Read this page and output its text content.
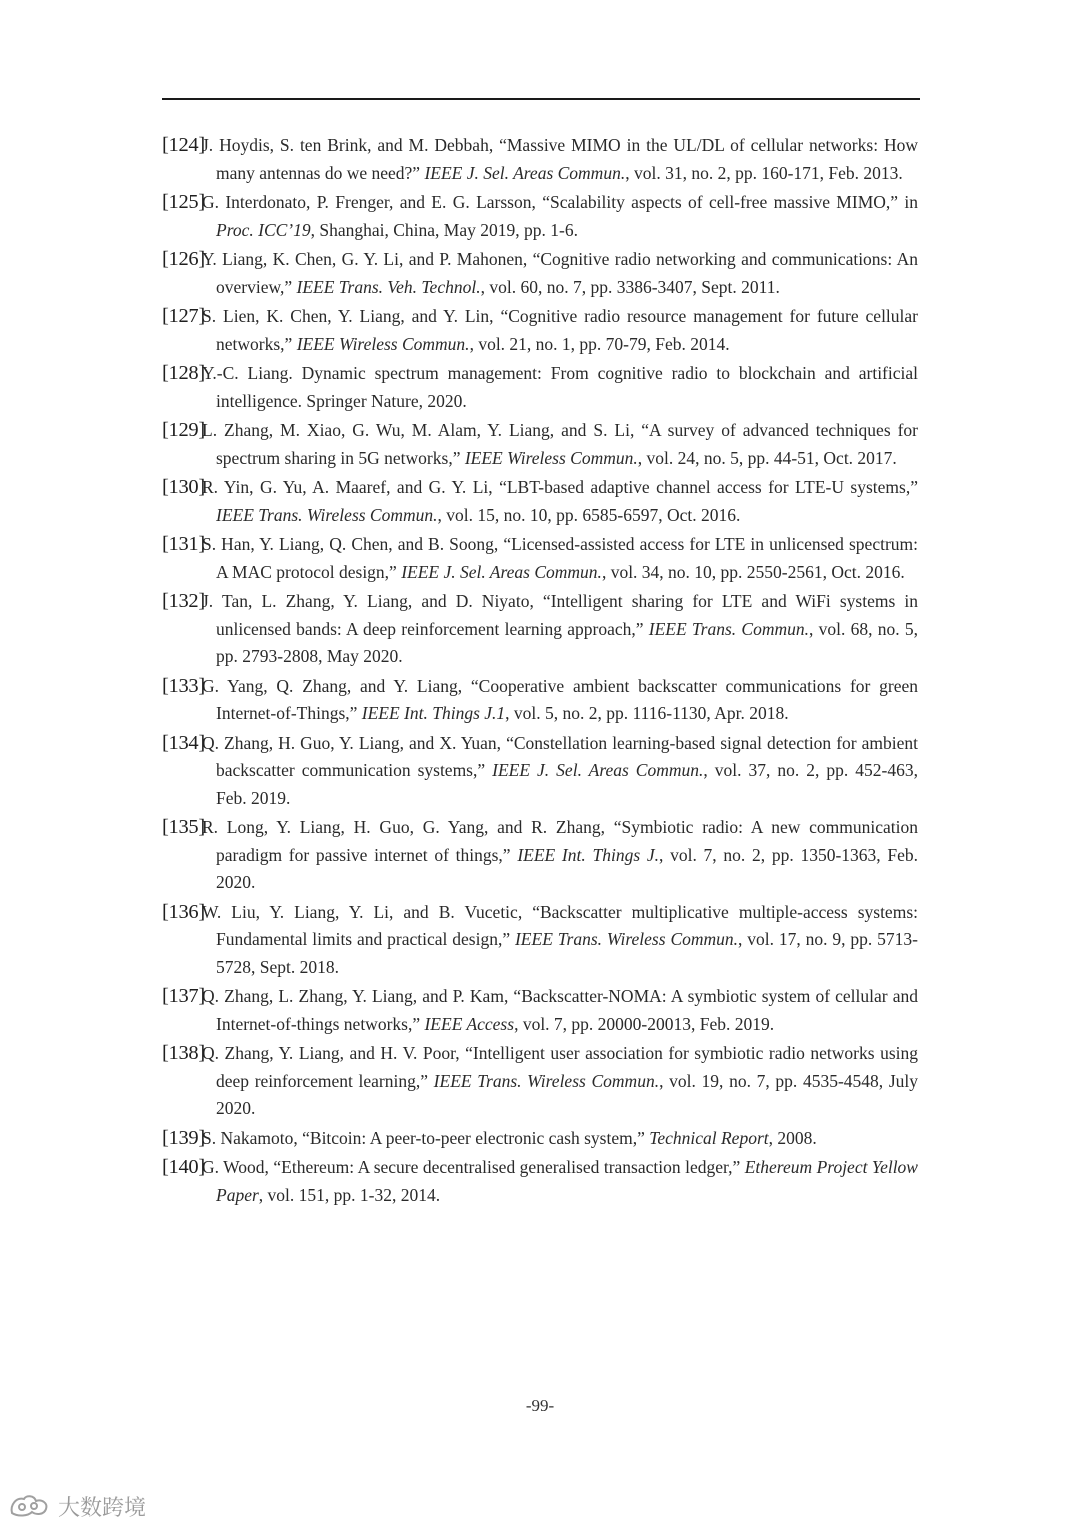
[124]
J. Hoydis, S. ten Brink, and M. Debbah, “Massive MIMO in the UL/DL of cellular networks: How many antennas do we need?” IEEE J. Sel. Areas Commun., vol. 31, no. 2, pp. 160-171, Feb. 2013.
[125]
G. Interdonato, P. Frenger, and E. G. Larsson, “Scalability aspects of cell-free massive MIMO,” in Proc. ICC’19, Shanghai, China, May 2019, pp. 1-6.
[126]
Y. Liang, K. Chen, G. Y. Li, and P. Mahonen, “Cognitive radio networking and communications: An overview,” IEEE Trans. Veh. Technol., vol. 60, no. 7, pp. 3386-3407, Sept. 2011.
[127]
S. Lien, K. Chen, Y. Liang, and Y. Lin, “Cognitive radio resource management for future cellular networks,” IEEE Wireless Commun., vol. 21, no. 1, pp. 70-79, Feb. 2014.
[128]
Y.-C. Liang. Dynamic spectrum management: From cognitive radio to blockchain and artificial intelligence. Springer Nature, 2020.
[129]
L. Zhang, M. Xiao, G. Wu, M. Alam, Y. Liang, and S. Li, “A survey of advanced techniques for spectrum sharing in 5G networks,” IEEE Wireless Commun., vol. 24, no. 5, pp. 44-51, Oct. 2017.
[130]
R. Yin, G. Yu, A. Maaref, and G. Y. Li, “LBT-based adaptive channel access for LTE-U systems,” IEEE Trans. Wireless Commun., vol. 15, no. 10, pp. 6585-6597, Oct. 2016.
[131]
S. Han, Y. Liang, Q. Chen, and B. Soong, “Licensed-assisted access for LTE in unlicensed spectrum: A MAC protocol design,” IEEE J. Sel. Areas Commun., vol. 34, no. 10, pp. 2550-2561, Oct. 2016.
[132]
J. Tan, L. Zhang, Y. Liang, and D. Niyato, “Intelligent sharing for LTE and WiFi systems in unlicensed bands: A deep reinforcement learning approach,” IEEE Trans. Commun., vol. 68, no. 5, pp. 2793-2808, May 2020.
[133]
G. Yang, Q. Zhang, and Y. Liang, “Cooperative ambient backscatter communications for green Internet-of-Things,” IEEE Int. Things J.1, vol. 5, no. 2, pp. 1116-1130, Apr. 2018.
[134]
Q. Zhang, H. Guo, Y. Liang, and X. Yuan, “Constellation learning-based signal detection for ambient backscatter communication systems,” IEEE J. Sel. Areas Commun., vol. 37, no. 2, pp. 452-463, Feb. 2019.
[135]
R. Long, Y. Liang, H. Guo, G. Yang, and R. Zhang, “Symbiotic radio: A new communication paradigm for passive internet of things,” IEEE Int. Things J., vol. 7, no. 2, pp. 1350-1363, Feb. 2020.
[136]
W. Liu, Y. Liang, Y. Li, and B. Vucetic, “Backscatter multiplicative multiple-access systems: Fundamental limits and practical design,” IEEE Trans. Wireless Commun., vol. 17, no. 9, pp. 5713-5728, Sept. 2018.
[137]
Q. Zhang, L. Zhang, Y. Liang, and P. Kam, “Backscatter-NOMA: A symbiotic system of cellular and Internet-of-things networks,” IEEE Access, vol. 7, pp. 20000-20013, Feb. 2019.
[138]
Q. Zhang, Y. Liang, and H. V. Poor, “Intelligent user association for symbiotic radio networks using deep reinforcement learning,” IEEE Trans. Wireless Commun., vol. 19, no. 7, pp. 4535-4548, July 2020.
[139]
S. Nakamoto, “Bitcoin: A peer-to-peer electronic cash system,” Technical Report, 2008.
[140]
G. Wood, “Ethereum: A secure decentralised generalised transaction ledger,” Ethereum Project Yellow Paper, vol. 151, pp. 1-32, 2014.
-99-
大数跨境
